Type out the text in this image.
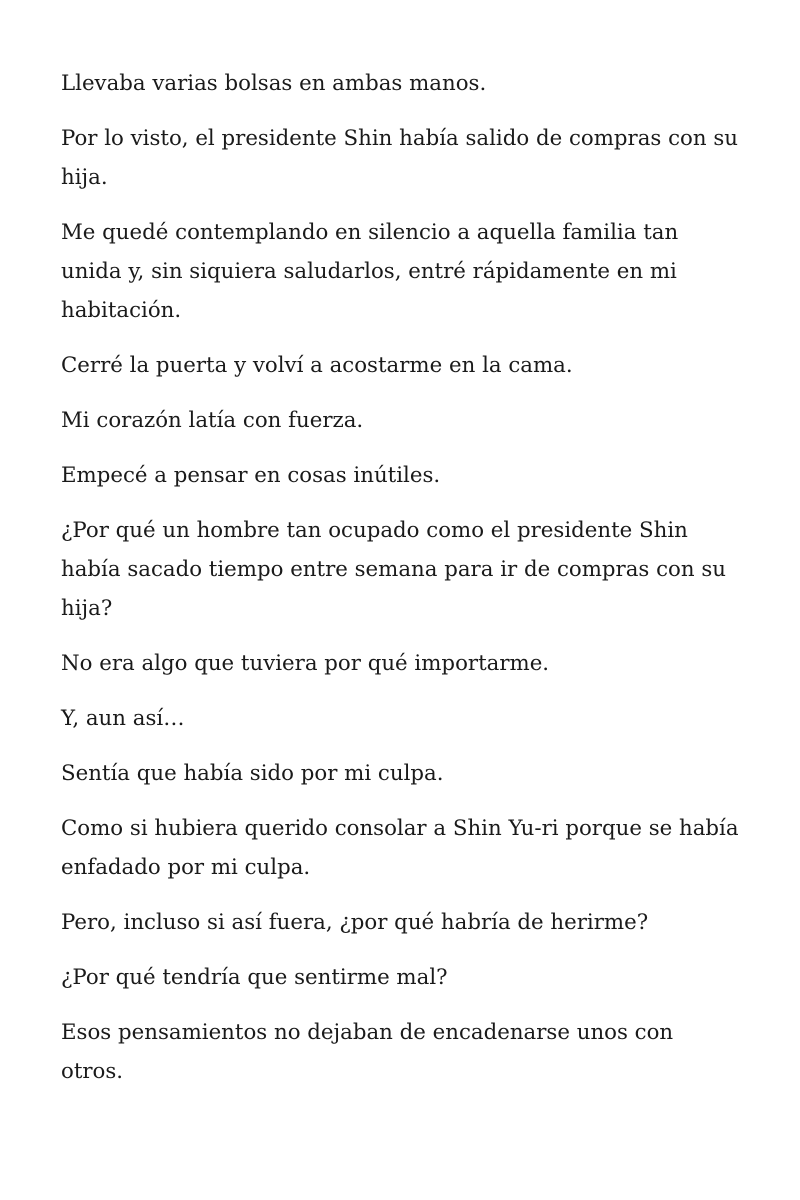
Llevaba varias bolsas en ambas manos.

Por lo visto, el presidente Shin había salido de compras con su hija.

Me quedé contemplando en silencio a aquella familia tan unida y, sin siquiera saludarlos, entré rápidamente en mi habitación.

Cerré la puerta y volví a acostarme en la cama.

Mi corazón latía con fuerza.

Empecé a pensar en cosas inútiles.

¿Por qué un hombre tan ocupado como el presidente Shin había sacado tiempo entre semana para ir de compras con su hija?

No era algo que tuviera por qué importarme.

Y, aun así…

Sentía que había sido por mi culpa.

Como si hubiera querido consolar a Shin Yu-ri porque se había enfadado por mi culpa.

Pero, incluso si así fuera, ¿por qué habría de herirme?

¿Por qué tendría que sentirme mal?

Esos pensamientos no dejaban de encadenarse unos con otros.
